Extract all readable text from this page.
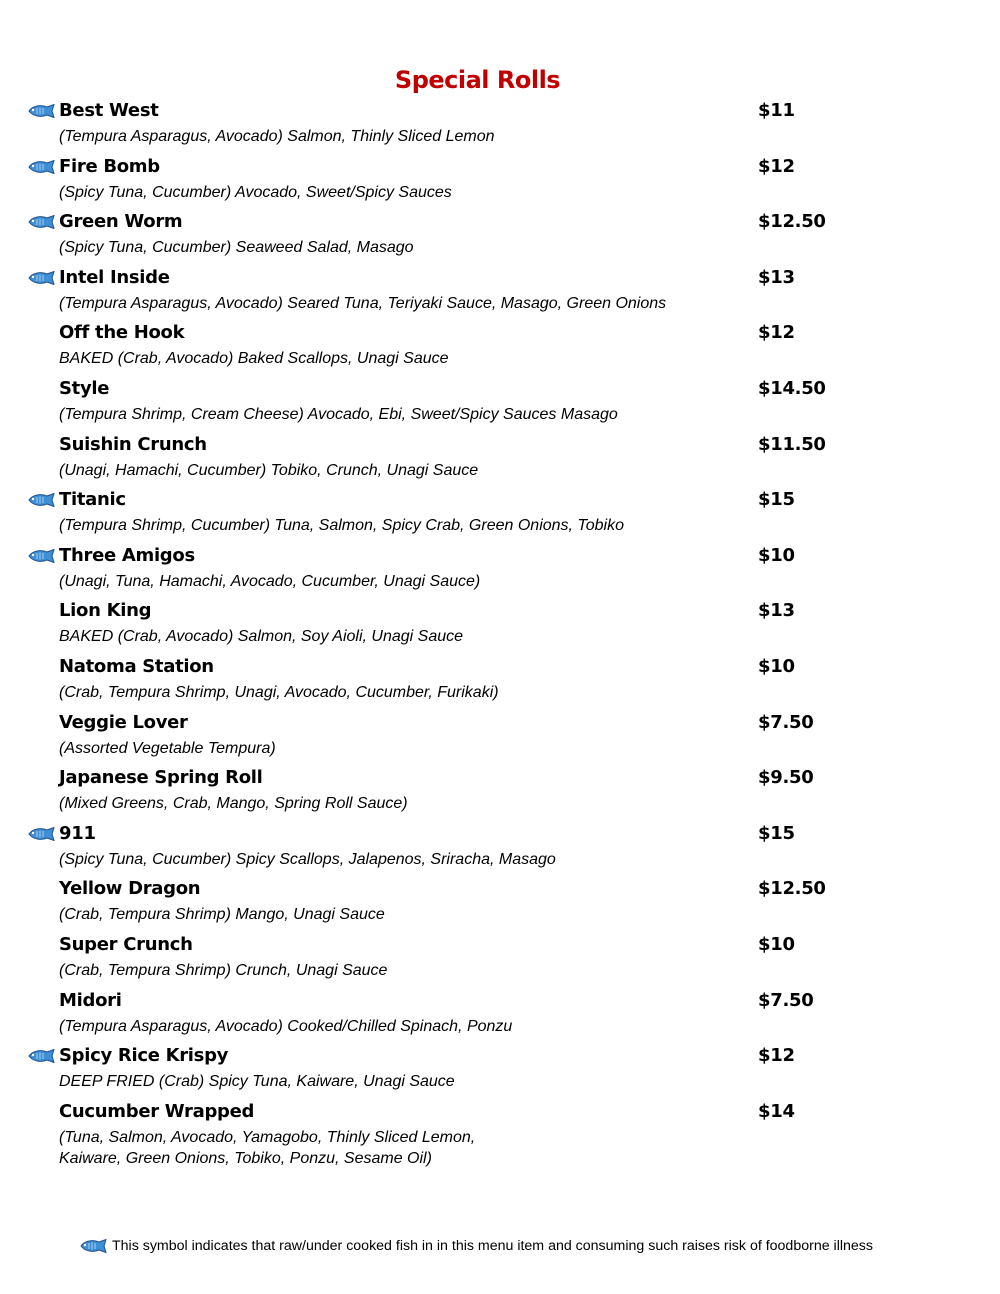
Special Rolls
Best West	$11
(Tempura Asparagus, Avocado) Salmon, Thinly Sliced Lemon
Fire Bomb	$12
(Spicy Tuna, Cucumber) Avocado, Sweet/Spicy Sauces
Green Worm	$12.50
(Spicy Tuna, Cucumber) Seaweed Salad, Masago
Intel Inside	$13
(Tempura Asparagus, Avocado) Seared Tuna, Teriyaki Sauce, Masago, Green Onions
Off the Hook	$12
BAKED (Crab, Avocado) Baked Scallops, Unagi Sauce
Style	$14.50
(Tempura Shrimp, Cream Cheese) Avocado, Ebi, Sweet/Spicy Sauces Masago
Suishin Crunch	$11.50
(Unagi, Hamachi, Cucumber) Tobiko, Crunch, Unagi Sauce
Titanic	$15
(Tempura Shrimp, Cucumber) Tuna, Salmon, Spicy Crab, Green Onions, Tobiko
Three Amigos	$10
(Unagi, Tuna, Hamachi, Avocado, Cucumber, Unagi Sauce)
Lion King	$13
BAKED (Crab, Avocado) Salmon, Soy Aioli, Unagi Sauce
Natoma Station	$10
(Crab, Tempura Shrimp, Unagi, Avocado, Cucumber, Furikaki)
Veggie Lover	$7.50
(Assorted Vegetable Tempura)
Japanese Spring Roll	$9.50
(Mixed Greens, Crab, Mango, Spring Roll Sauce)
911	$15
(Spicy Tuna, Cucumber) Spicy Scallops, Jalapenos, Sriracha, Masago
Yellow Dragon	$12.50
(Crab, Tempura Shrimp) Mango, Unagi Sauce
Super Crunch	$10
(Crab, Tempura Shrimp) Crunch, Unagi Sauce
Midori	$7.50
(Tempura Asparagus, Avocado) Cooked/Chilled Spinach, Ponzu
Spicy Rice Krispy	$12
DEEP FRIED (Crab) Spicy Tuna, Kaiware, Unagi Sauce
Cucumber Wrapped	$14
(Tuna, Salmon, Avocado, Yamagobo, Thinly Sliced Lemon,
Kaiware, Green Onions, Tobiko, Ponzu, Sesame Oil)
This symbol indicates that raw/under cooked fish in in this menu item and consuming such raises risk of foodborne illness
